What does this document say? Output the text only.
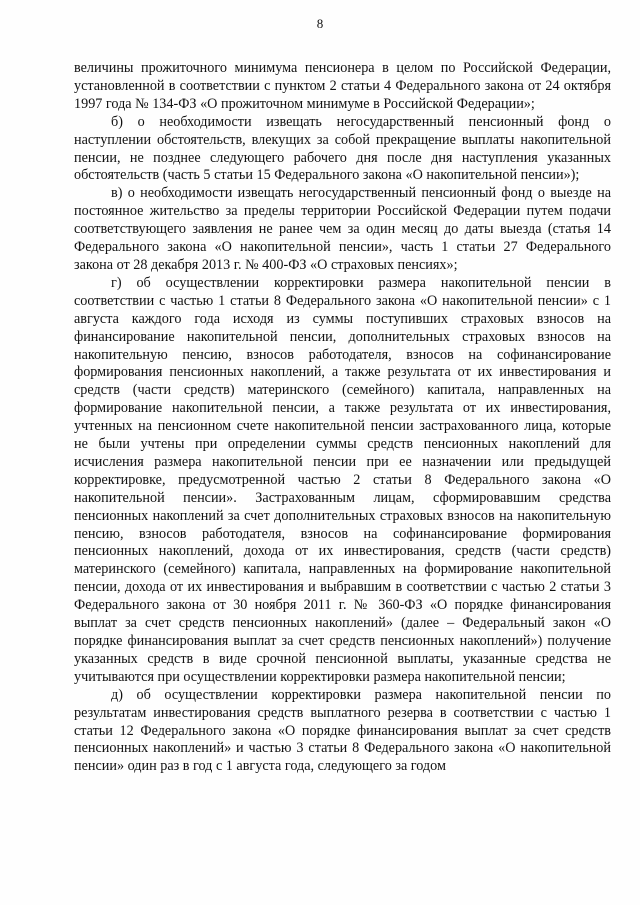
8

величины прожиточного минимума пенсионера в целом по Российской Федерации, установленной в соответствии с пунктом 2 статьи 4 Федерального закона от 24 октября 1997 года № 134-ФЗ «О прожиточном минимуме в Российской Федерации»;

б) о необходимости извещать негосударственный пенсионный фонд о наступлении обстоятельств, влекущих за собой прекращение выплаты накопительной пенсии, не позднее следующего рабочего дня после дня наступления указанных обстоятельств (часть 5 статьи 15 Федерального закона «О накопительной пенсии»);

в) о необходимости извещать негосударственный пенсионный фонд о выезде на постоянное жительство за пределы территории Российской Федерации путем подачи соответствующего заявления не ранее чем за один месяц до даты выезда (статья 14 Федерального закона «О накопительной пенсии», часть 1 статьи 27 Федерального закона от 28 декабря 2013 г. № 400-ФЗ «О страховых пенсиях»;

г) об осуществлении корректировки размера накопительной пенсии в соответствии с частью 1 статьи 8 Федерального закона «О накопительной пенсии» с 1 августа каждого года исходя из суммы поступивших страховых взносов на финансирование накопительной пенсии, дополнительных страховых взносов на накопительную пенсию, взносов работодателя, взносов на софинансирование формирования пенсионных накоплений, а также результата от их инвестирования и средств (части средств) материнского (семейного) капитала, направленных на формирование накопительной пенсии, а также результата от их инвестирования, учтенных на пенсионном счете накопительной пенсии застрахованного лица, которые не были учтены при определении суммы средств пенсионных накоплений для исчисления размера накопительной пенсии при ее назначении или предыдущей корректировке, предусмотренной частью 2 статьи 8 Федерального закона «О накопительной пенсии». Застрахованным лицам, сформировавшим средства пенсионных накоплений за счет дополнительных страховых взносов на накопительную пенсию, взносов работодателя, взносов на софинансирование формирования пенсионных накоплений, дохода от их инвестирования, средств (части средств) материнского (семейного) капитала, направленных на формирование накопительной пенсии, дохода от их инвестирования и выбравшим в соответствии с частью 2 статьи 3 Федерального закона от 30 ноября 2011 г. № 360-ФЗ «О порядке финансирования выплат за счет средств пенсионных накоплений» (далее – Федеральный закон «О порядке финансирования выплат за счет средств пенсионных накоплений») получение указанных средств в виде срочной пенсионной выплаты, указанные средства не учитываются при осуществлении корректировки размера накопительной пенсии;

д) об осуществлении корректировки размера накопительной пенсии по результатам инвестирования средств выплатного резерва в соответствии с частью 1 статьи 12 Федерального закона «О порядке финансирования выплат за счет средств пенсионных накоплений» и частью 3 статьи 8 Федерального закона «О накопительной пенсии» один раз в год с 1 августа года, следующего за годом
